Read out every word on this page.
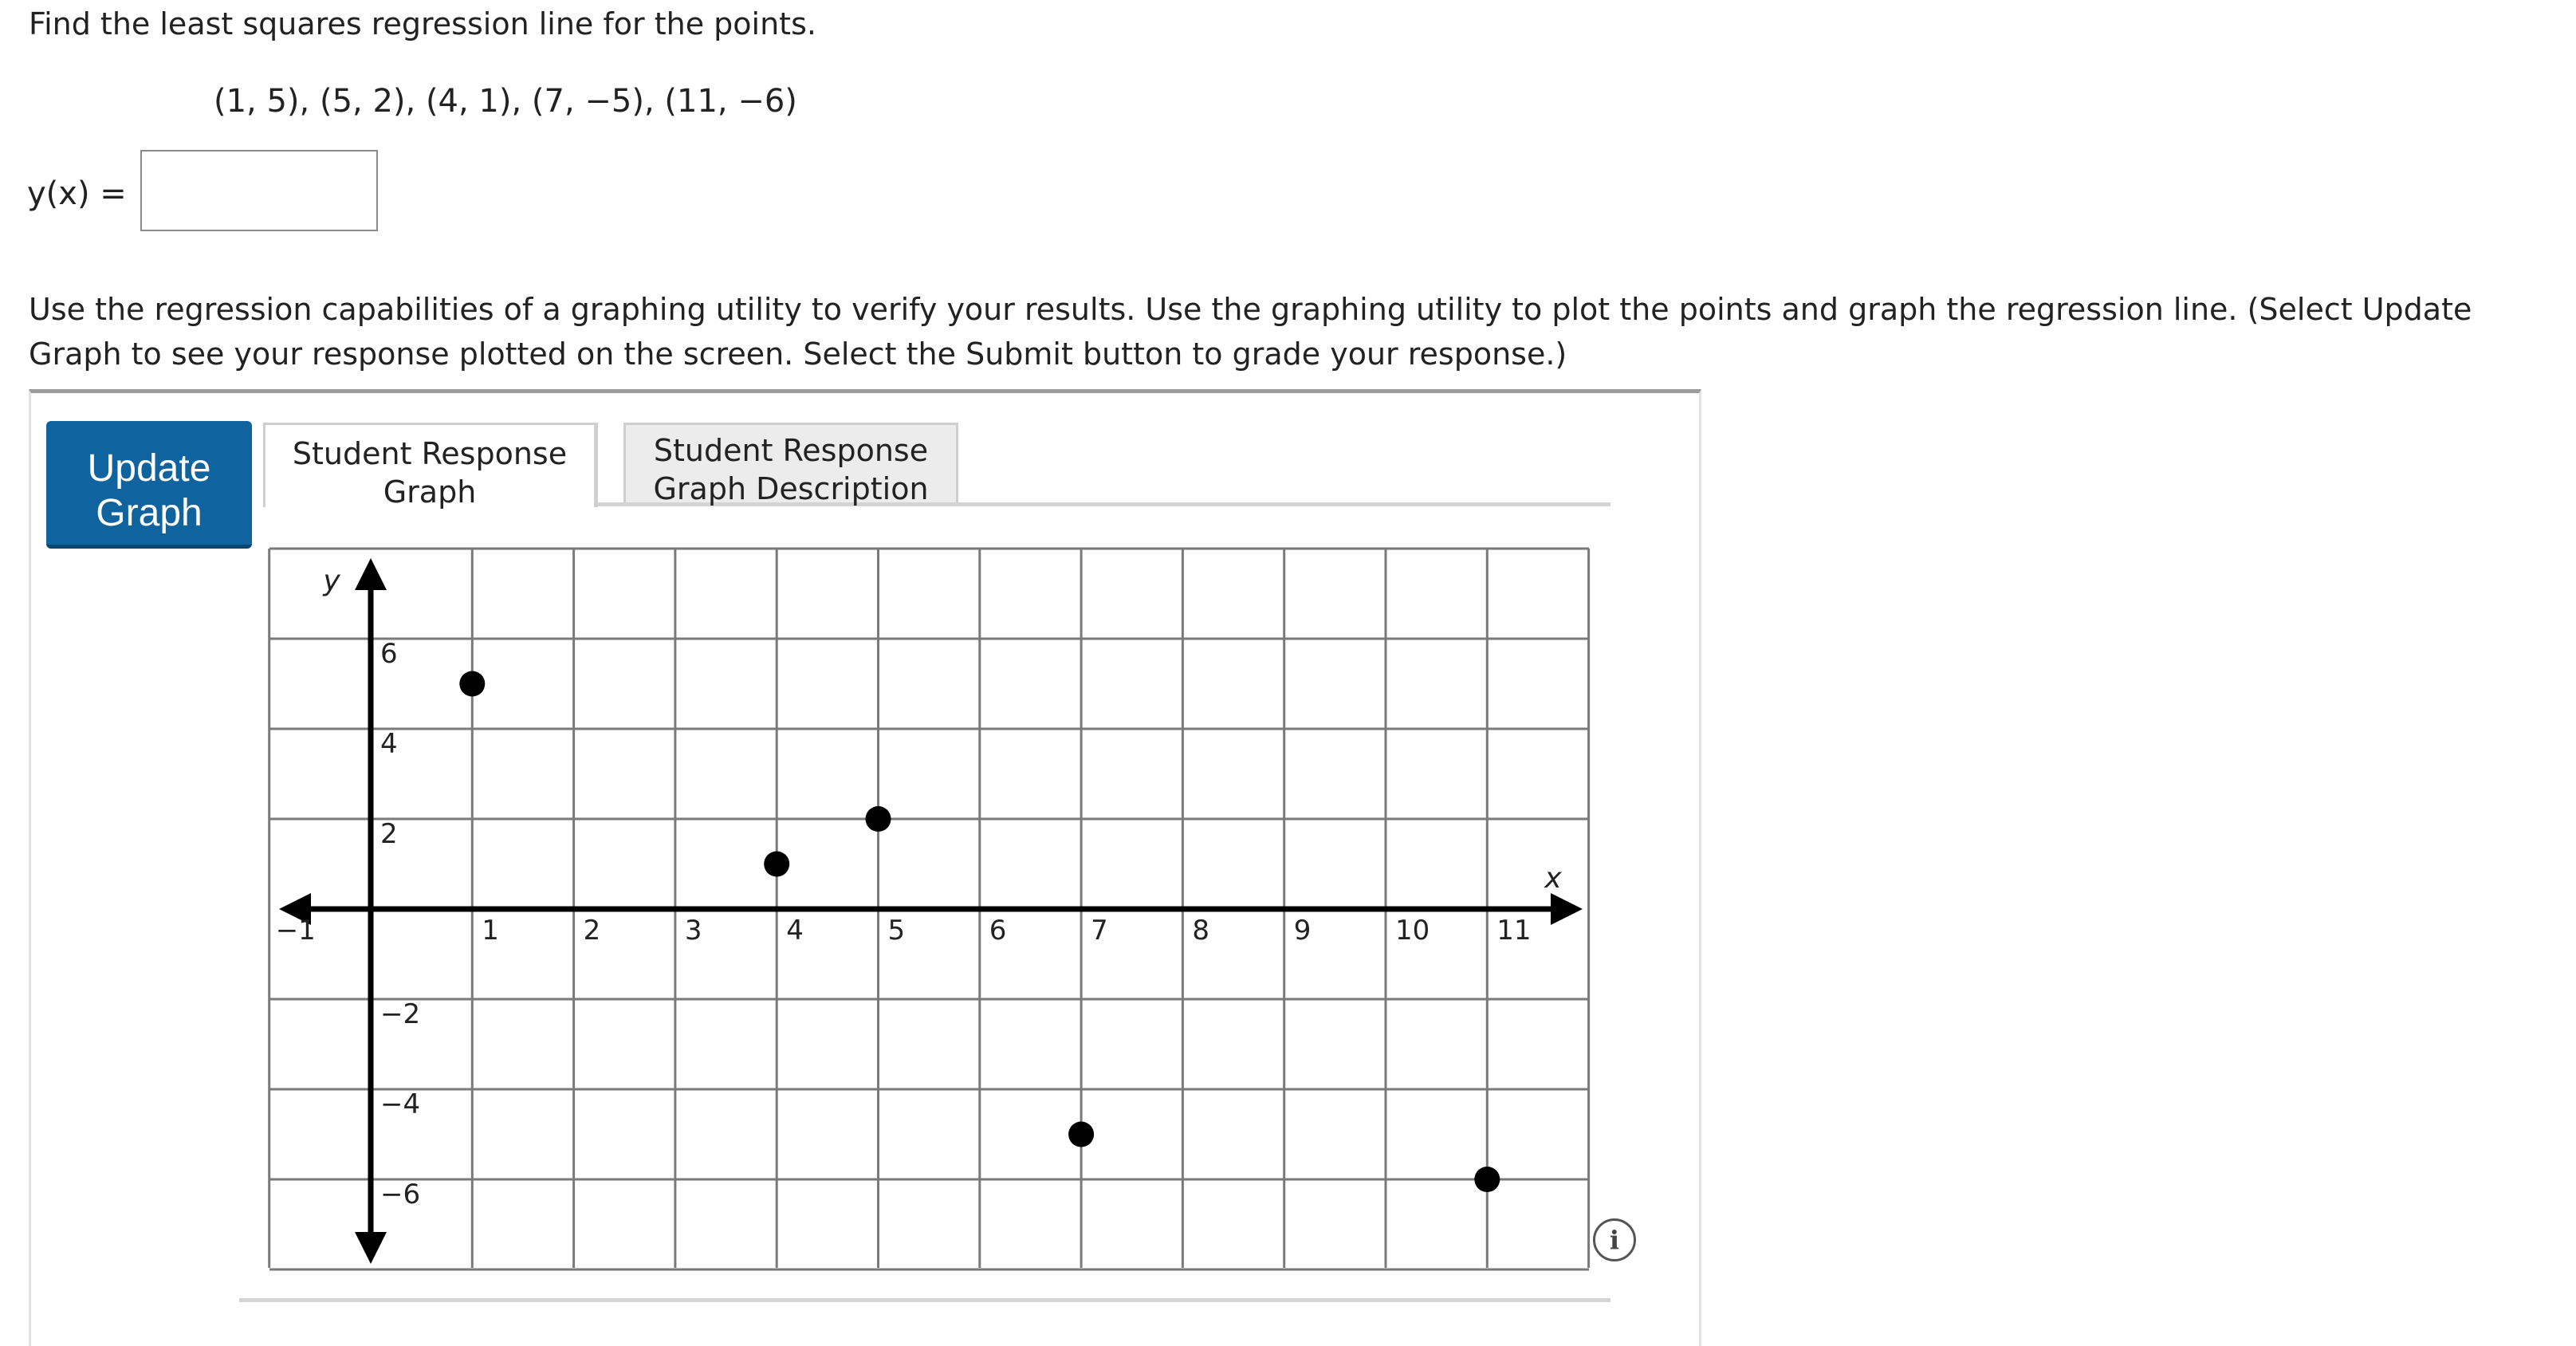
Find the least squares regression line for the points.
(1, 5), (5, 2), (4, 1), (7, −5), (11, −6)
y(x) =
Use the regression capabilities of a graphing utility to verify your results. Use the graphing utility to plot the points and graph the regression line. (Select Update Graph to see your response plotted on the screen. Select the Submit button to grade your response.)
Update
Graph
Student Response
Graph
Student Response
Graph Description
x
y
−1	1	2	3	4	5	6	7	8	9	10 11
6
4
2
−2
−4
−6
i
